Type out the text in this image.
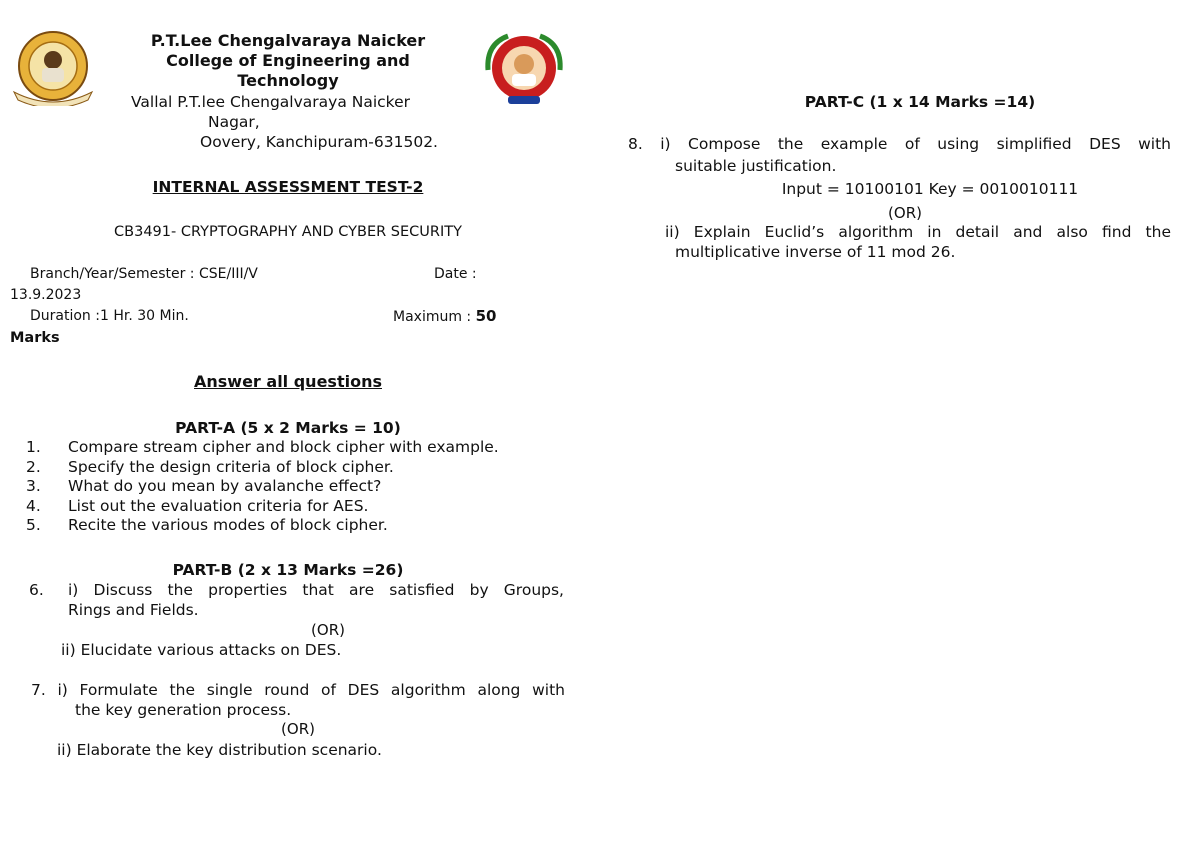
P.T.Lee Chengalvaraya Naicker
College of Engineering and
Technology
Vallal P.T.lee Chengalvaraya Naicker
Nagar,
Oovery, Kanchipuram-631502.
INTERNAL ASSESSMENT TEST-2
CB3491- CRYPTOGRAPHY AND CYBER SECURITY
Branch/Year/Semester : CSE/III/V	Date :
13.9.2023
Duration :1 Hr. 30 Min.	Maximum : 50
Marks
Answer all questions
PART-A (5 x 2 Marks = 10)
1. Compare stream cipher and block cipher with example.
2. Specify the design criteria of block cipher.
3. What do you mean by avalanche effect?
4. List out the evaluation criteria for AES.
5. Recite the various modes of block cipher.
PART-B (2 x 13 Marks =26)
6. i) Discuss the properties that are satisfied by Groups,
Rings and Fields.
(OR)
ii) Elucidate various attacks on DES.
7. i) Formulate the single round of DES algorithm along with
the key generation process.
(OR)
ii) Elaborate the key distribution scenario.
PART-C (1 x 14 Marks =14)
8. i) Compose the example of using simplified DES with
suitable justification.
Input = 10100101 Key = 0010010111
(OR)
ii) Explain Euclid’s algorithm in detail and also find the
multiplicative inverse of 11 mod 26.
